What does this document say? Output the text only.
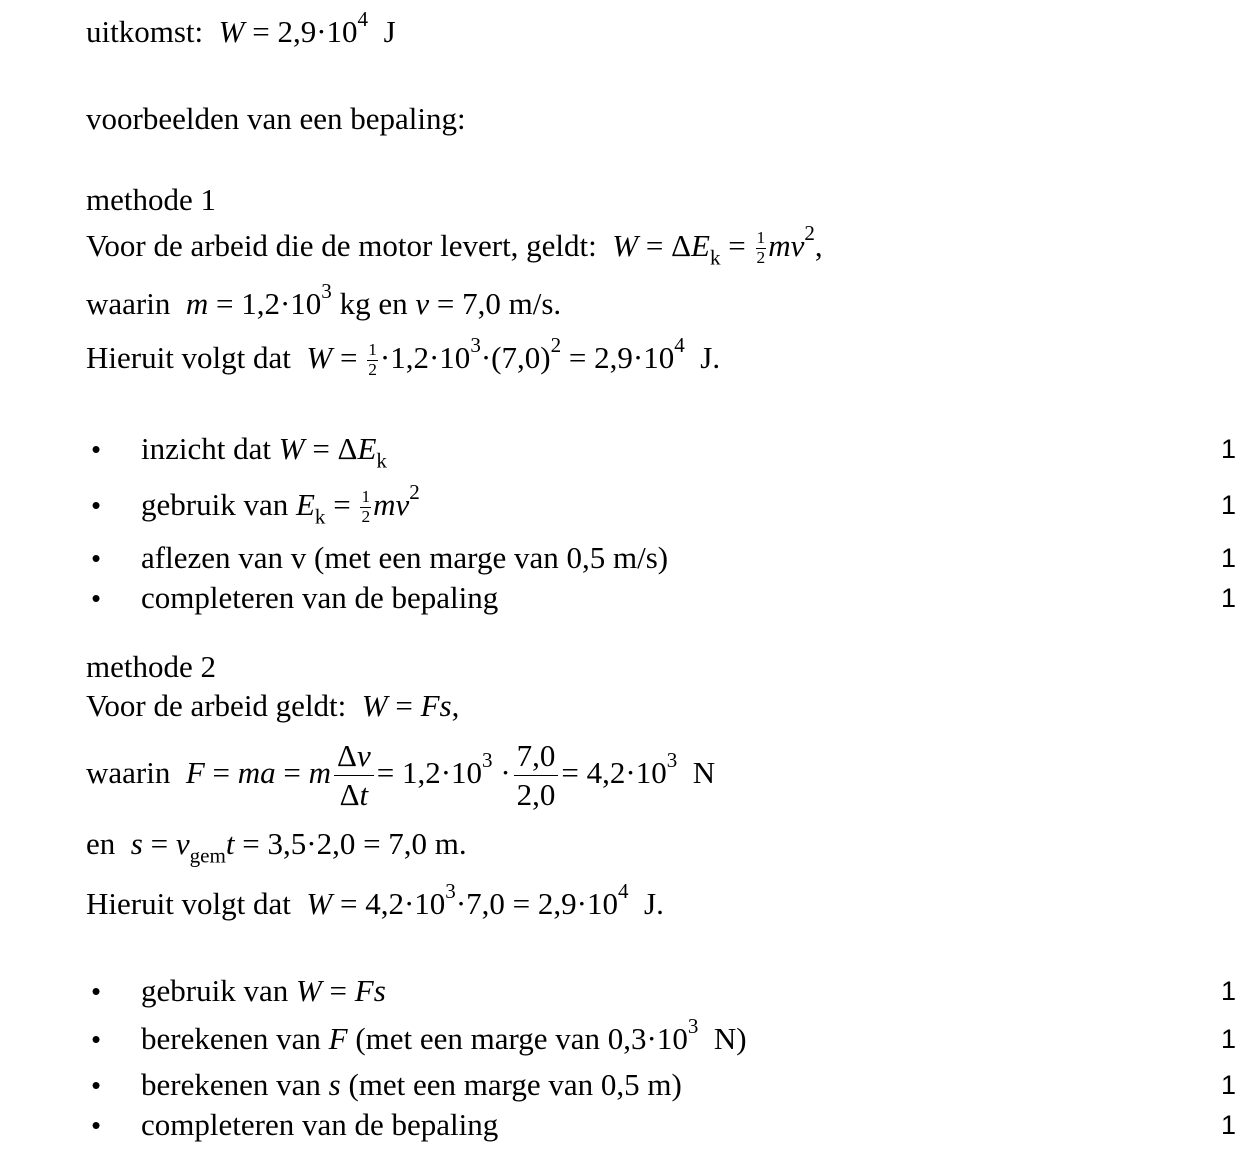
uitkomst: $W = 2,9\cdot 10^4$  J
voorbeelden van een bepaling:
methode 1
Voor de arbeid die de motor levert, geldt: $W = \Delta E_k = \frac{1}{2} mv^2$,
waarin $m = 1,2\cdot 10^3$ kg en v = 7,0 m/s.
Hieruit volgt dat $W = \frac{1}{2} \cdot 1,2\cdot 10^3\cdot(7,0)^2 = 2,9\cdot 10^4$  J.
• inzicht dat $W = \Delta E_k$	1
• gebruik van $E_k = \frac{1}{2} mv^2$	1
• aflezen van v (met een marge van 0,5 m/s)	1
• completeren van de bepaling	1
methode 2
Voor de arbeid geldt: W = Fs,
waarin F = ma = m $\frac{\Delta v}{\Delta t} = 1,2\cdot 10^3 \cdot \frac{7,0}{2,0} = 4,2\cdot 10^3$  N
en $s = v_{gem}t = 3,5\cdot 2,0 = 7,0$ m.
Hieruit volgt dat $W = 4,2\cdot 10^3\cdot 7,0 = 2,9\cdot 10^4$  J.
• gebruik van W = Fs	1
• berekenen van F (met een marge van $0,3\cdot 10^3$  N)	1
• berekenen van s (met een marge van 0,5 m)	1
• completeren van de bepaling	1
